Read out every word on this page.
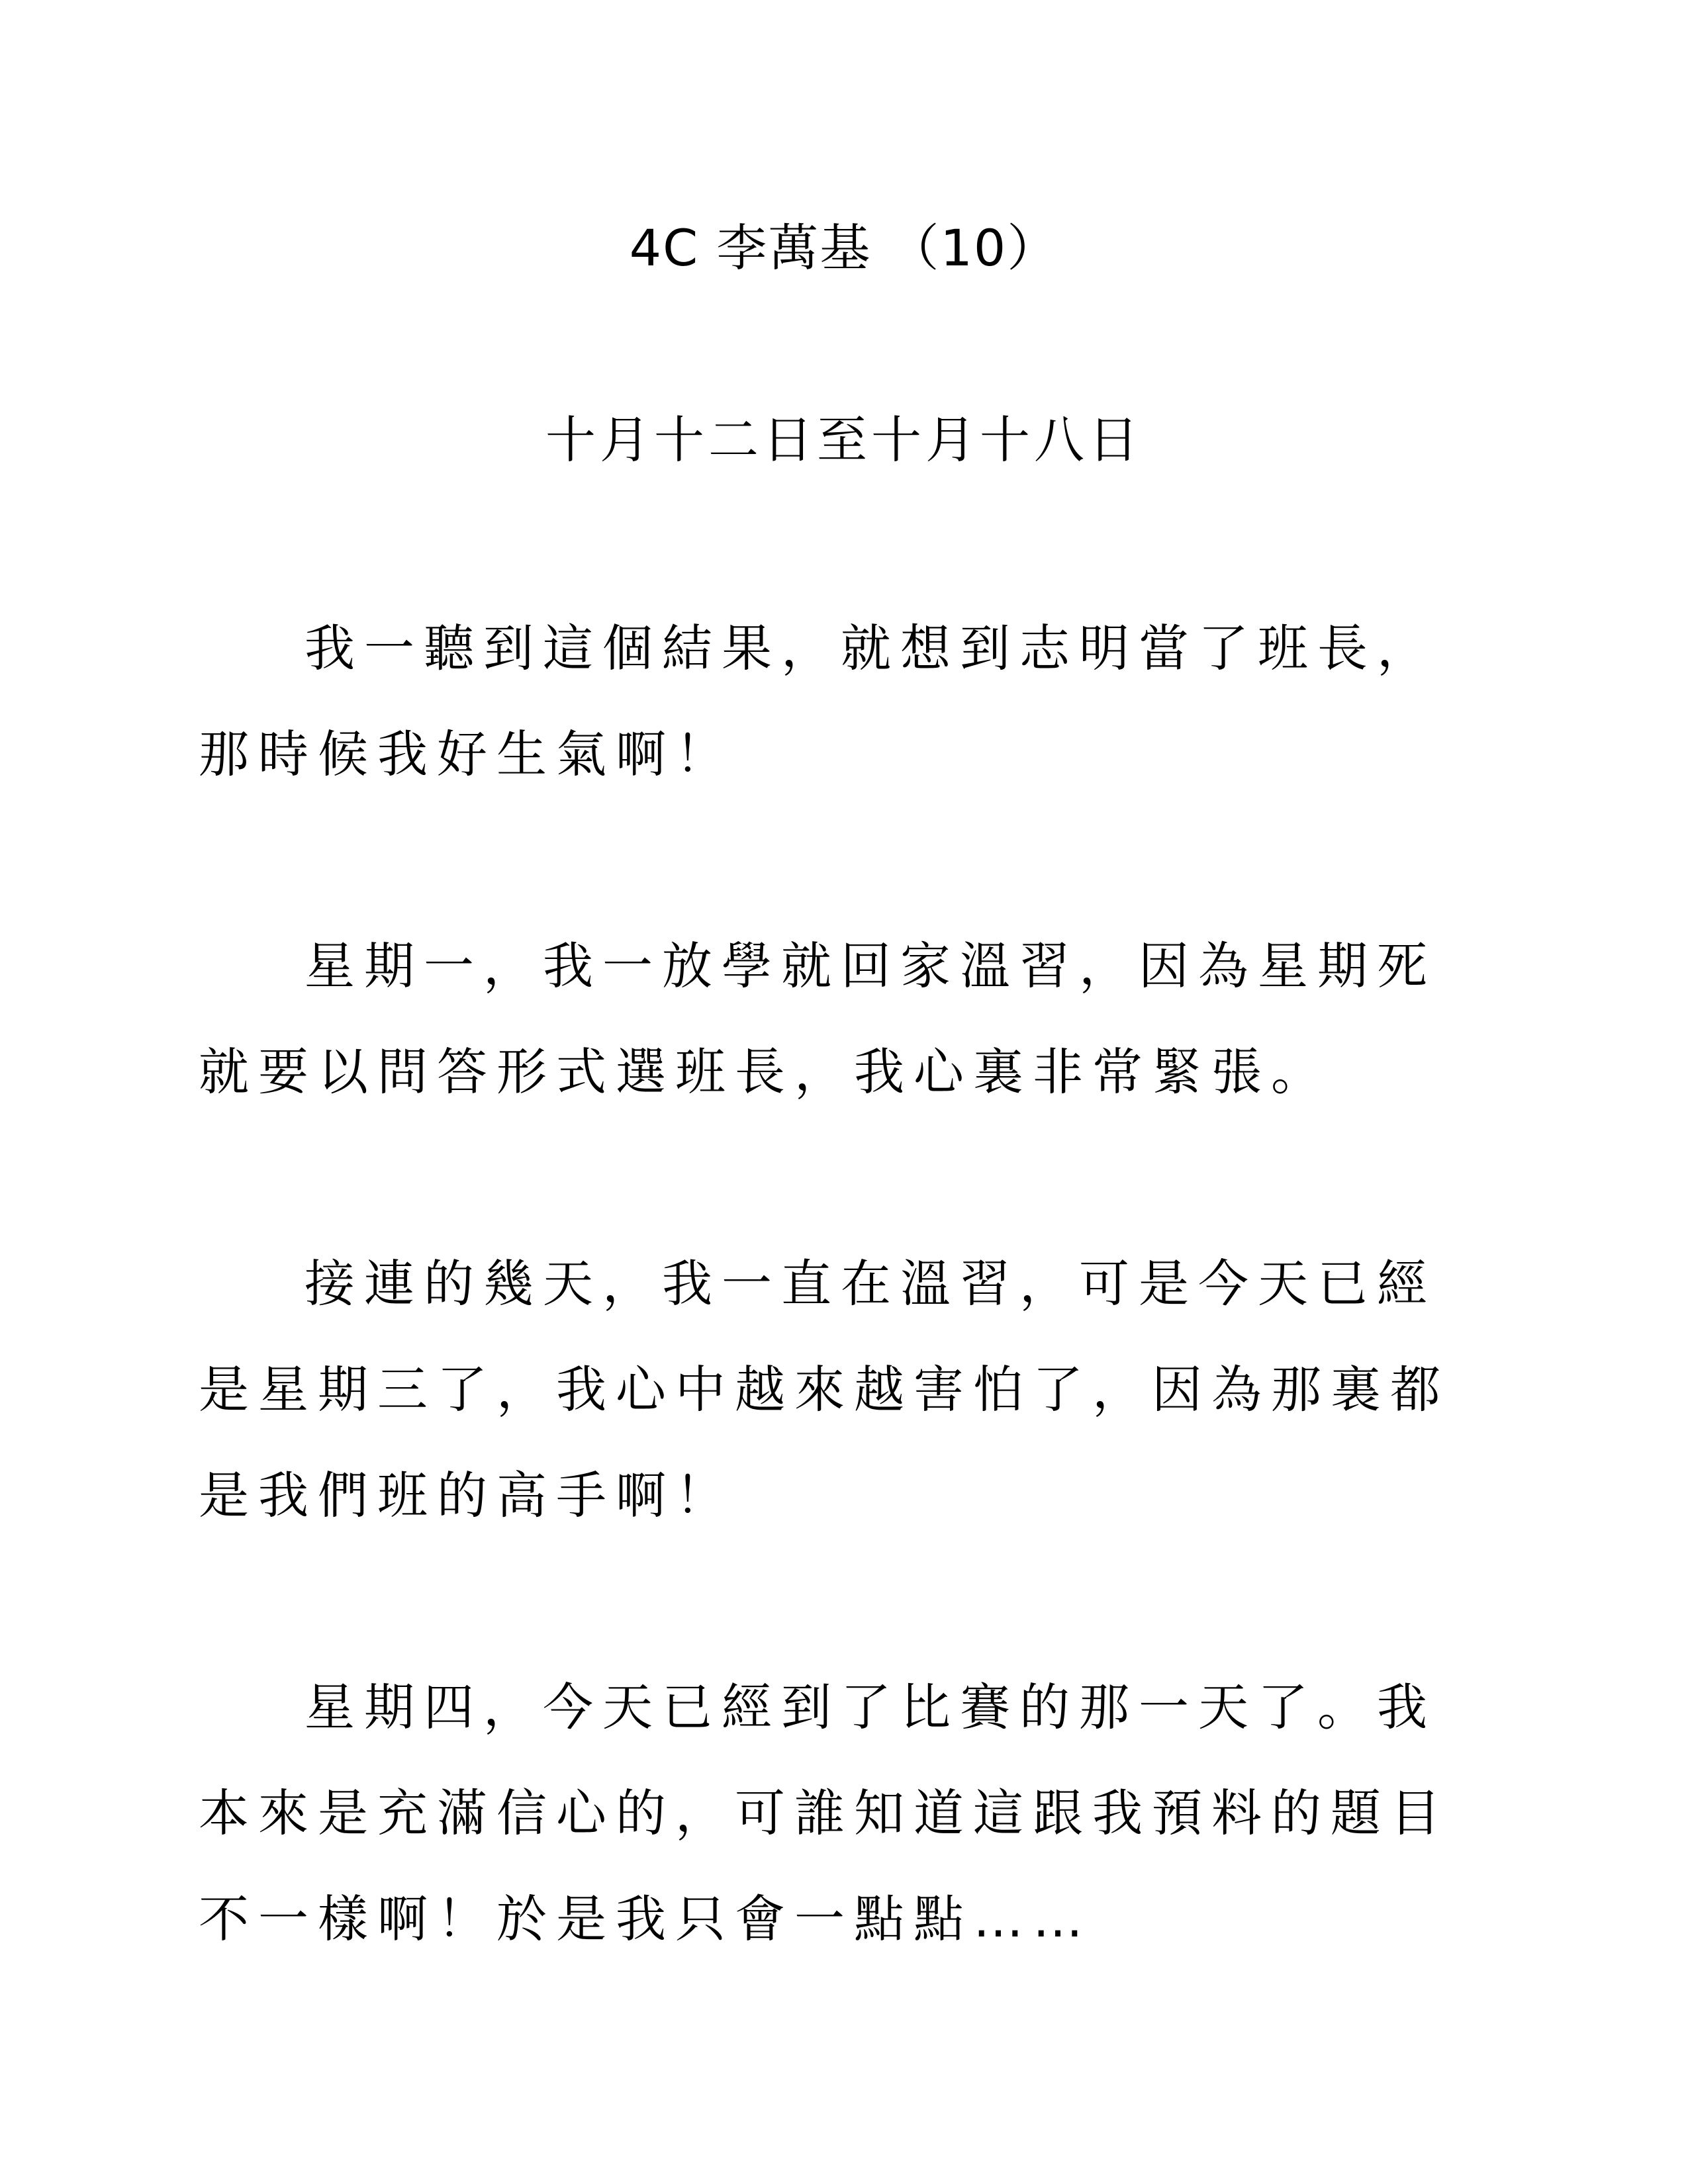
4C 李萬基 （10）
十月十二日至十月十八日
我一聽到這個結果，就想到志明當了班長，
那時候我好生氣啊！
星期一，我一放學就回家溫習，因為星期死
就要以問答形式選班長，我心裏非常緊張。
接連的幾天，我一直在溫習，可是今天已經
是星期三了，我心中越來越害怕了，因為那裏都
是我們班的高手啊！
星期四，今天已經到了比賽的那一天了。我
本來是充滿信心的，可誰知道這跟我預料的題目
不一樣啊！於是我只會一點點……
